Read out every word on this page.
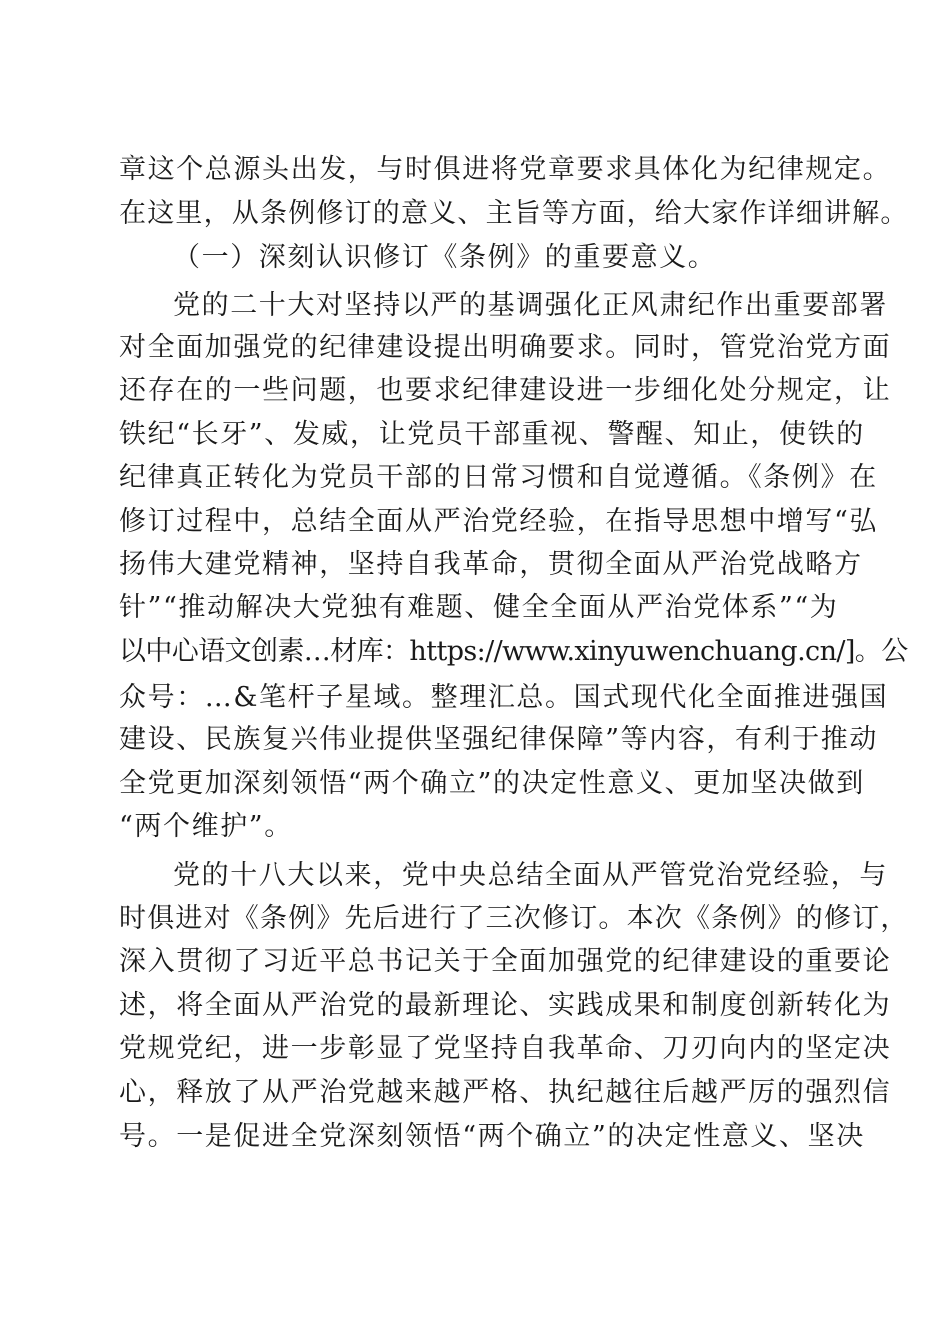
章这个总源头出发，与时俱进将党章要求具体化为纪律规定。
在这里，从条例修订的意义、主旨等方面，给大家作详细讲解。
（一）深刻认识修订《条例》的重要意义。
党的二十大对坚持以严的基调强化正风肃纪作出重要部署
对全面加强党的纪律建设提出明确要求。同时，管党治党方面
还存在的一些问题，也要求纪律建设进一步细化处分规定，让
铁纪“长牙”、发威，让党员干部重视、警醒、知止，使铁的
纪律真正转化为党员干部的日常习惯和自觉遵循。《条例》在
修订过程中，总结全面从严治党经验，在指导思想中增写“弘
扬伟大建党精神，坚持自我革命，贯彻全面从严治党战略方
针”“推动解决大党独有难题、健全全面从严治党体系”“为
以中心语文创素…材库：https://www.xinyuwenchuang.cn/]。公
众号：…&笔杆子星域。整理汇总。国式现代化全面推进强国
建设、民族复兴伟业提供坚强纪律保障”等内容，有利于推动
全党更加深刻领悟“两个确立”的决定性意义、更加坚决做到
“两个维护”。
党的十八大以来，党中央总结全面从严管党治党经验，与
时俱进对《条例》先后进行了三次修订。本次《条例》的修订，
深入贯彻了习近平总书记关于全面加强党的纪律建设的重要论
述，将全面从严治党的最新理论、实践成果和制度创新转化为
党规党纪，进一步彰显了党坚持自我革命、刀刃向内的坚定决
心，释放了从严治党越来越严格、执纪越往后越严厉的强烈信
号。一是促进全党深刻领悟“两个确立”的决定性意义、坚决
